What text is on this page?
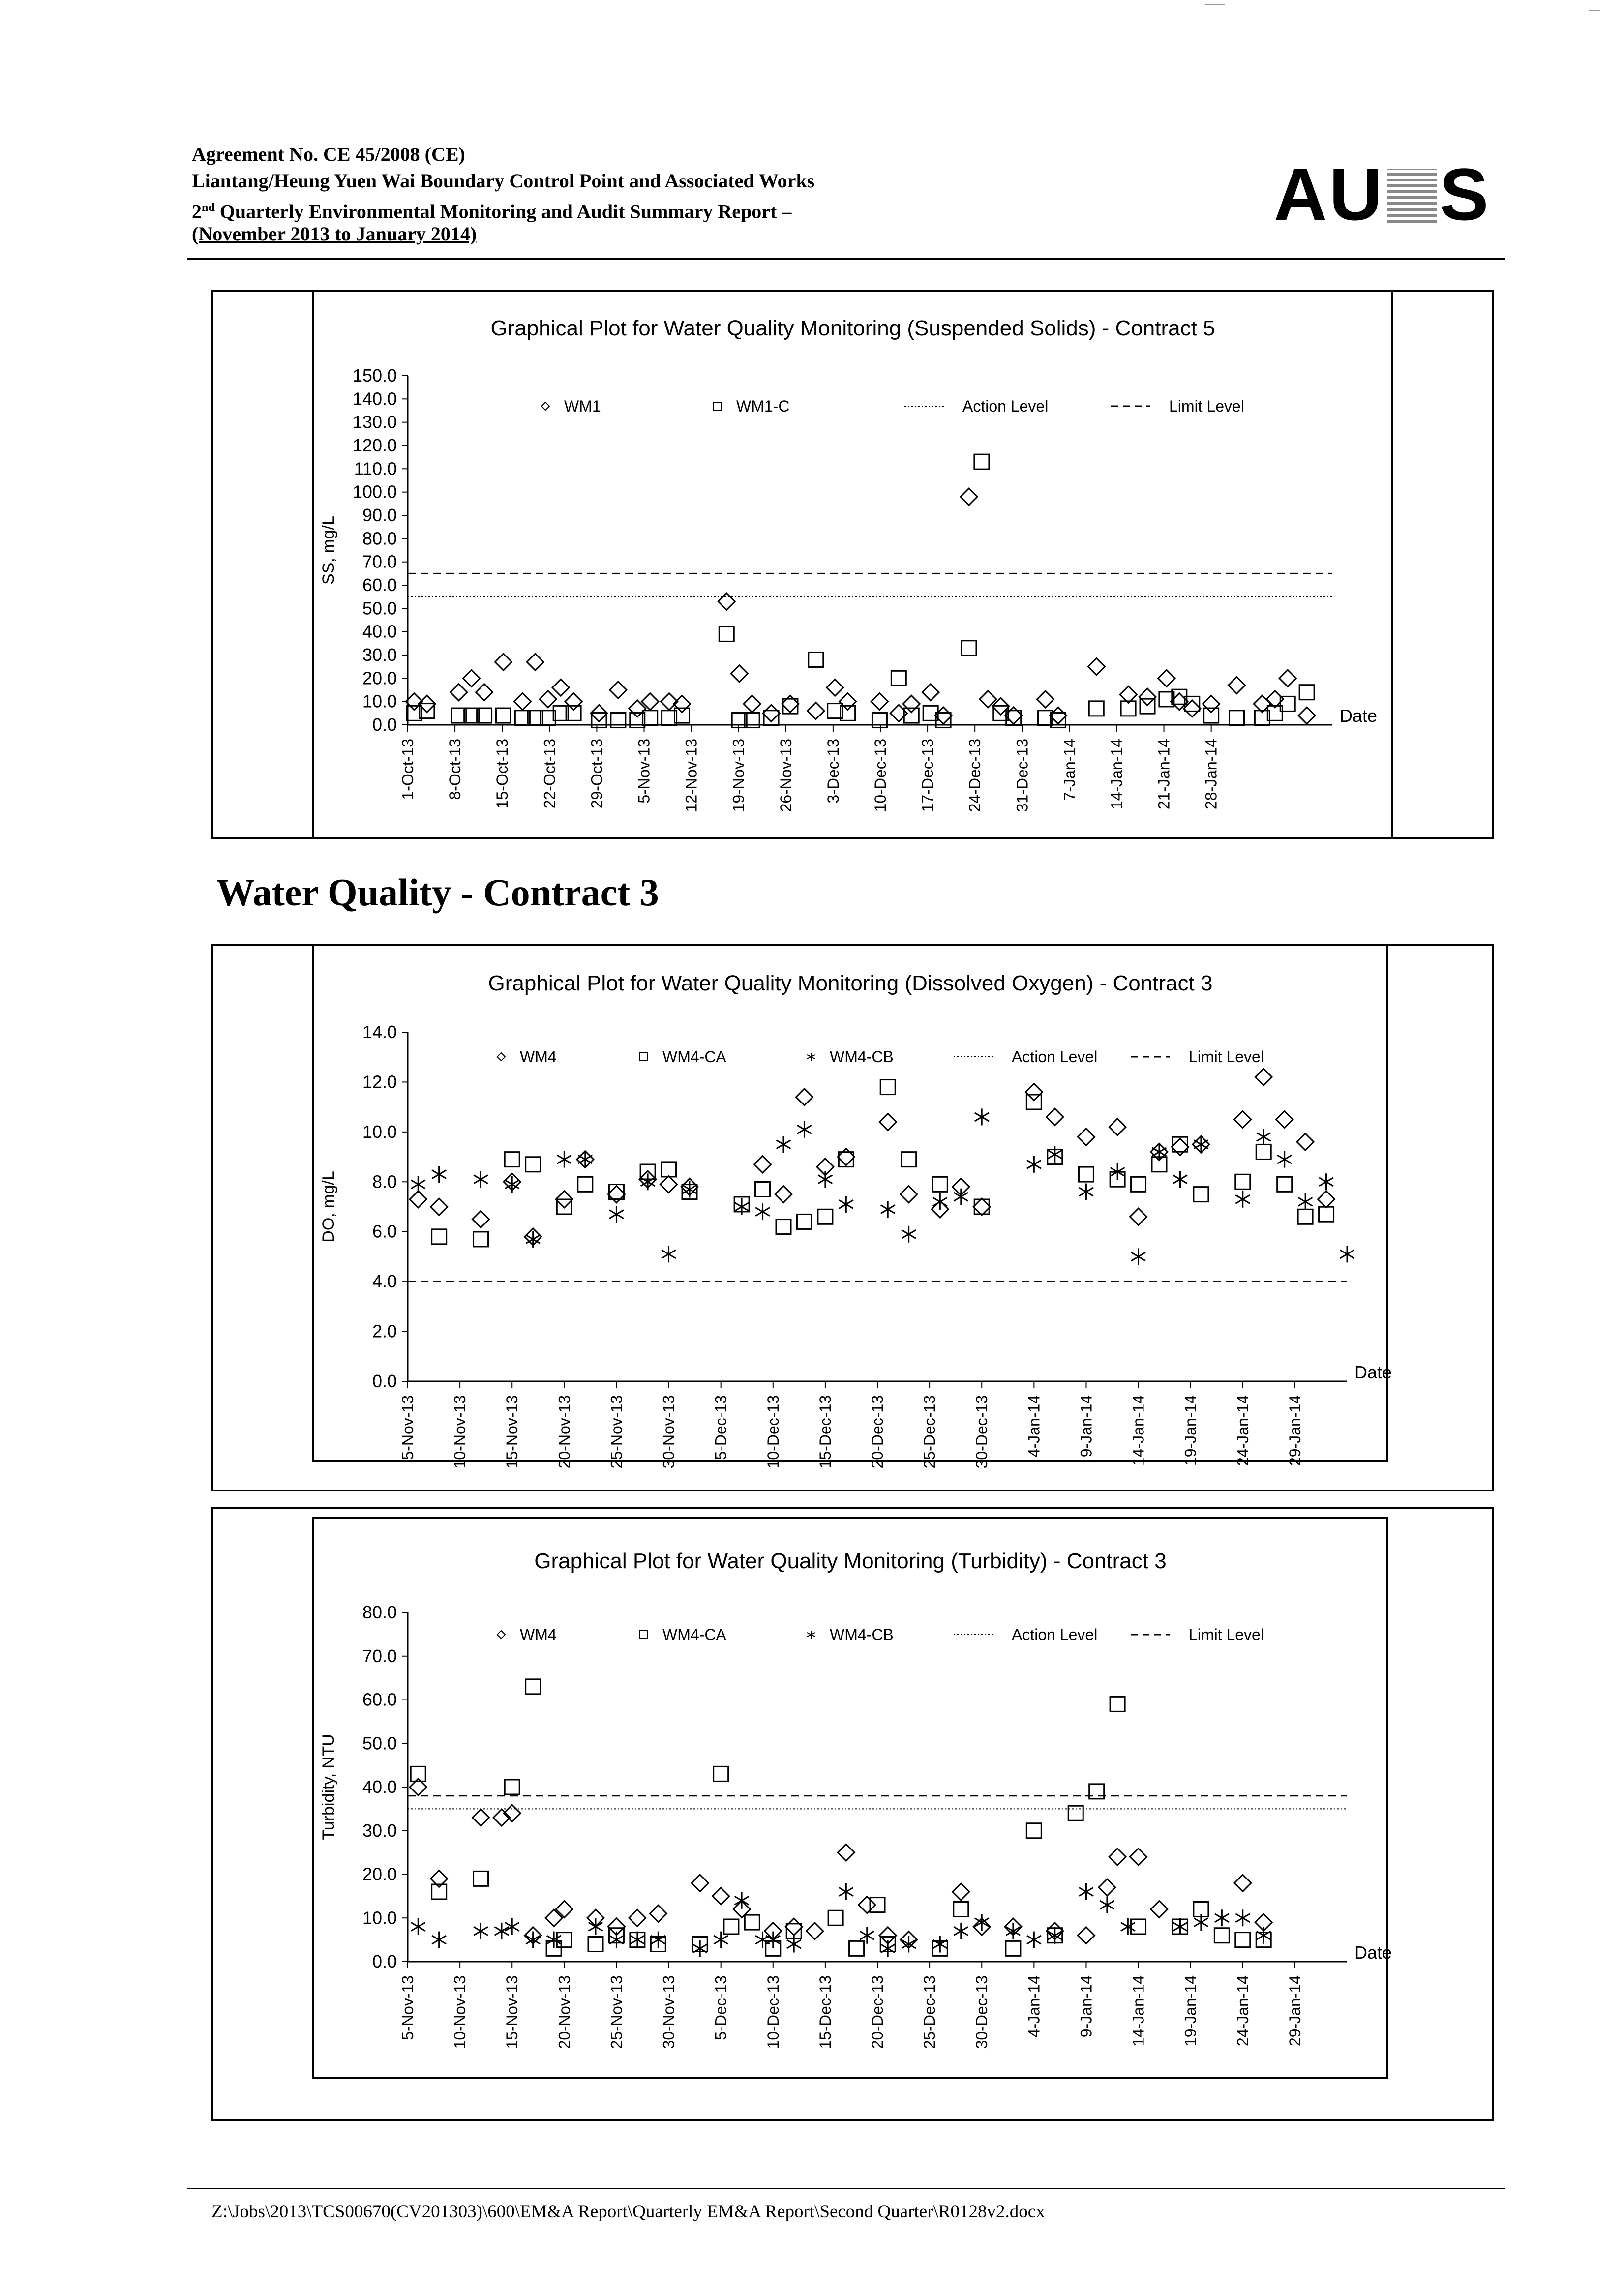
Agreement No. CE 45/2008 (CE)
Liantang/Heung Yuen Wai Boundary Control Point and Associated Works
2nd Quarterly Environmental Monitoring and Audit Summary Report –
(November 2013 to January 2014)	AU S
Graphical Plot for Water Quality Monitoring (Suspended Solids) - Contract 5
0.0
10.0
20.0
30.0
40.0
50.0
60.0
70.0
80.0
90.0
100.0
110.0
120.0
130.0
140.0
150.0
SS, mg/L
Date
1-Oct-13 8-Oct-13 15-Oct-13 22-Oct-13 29-Oct-13 5-Nov-13 12-Nov-13 19-Nov-13 26-Nov-13 3-Dec-13 10-Dec-13 17-Dec-13 24-Dec-13 31-Dec-13 7-Jan-14 14-Jan-14 21-Jan-14 28-Jan-14
WM1	WM1-C	Action Level	Limit Level
Water Quality - Contract 3
Graphical Plot for Water Quality Monitoring (Dissolved Oxygen) - Contract 3
0.0
2.0
4.0
6.0
8.0
10.0
12.0
14.0
DO, mg/L
Date
5-Nov-13 10-Nov-13 15-Nov-13 20-Nov-13 25-Nov-13 30-Nov-13 5-Dec-13 10-Dec-13 15-Dec-13 20-Dec-13 25-Dec-13 30-Dec-13 4-Jan-14 9-Jan-14 14-Jan-14 19-Jan-14 24-Jan-14 29-Jan-14
WM4	WM4-CA	WM4-CB	Action Level	Limit Level
Graphical Plot for Water Quality Monitoring (Turbidity) - Contract 3
0.0
10.0
20.0
30.0
40.0
50.0
60.0
70.0
80.0
Turbidity, NTU
Date
5-Nov-13 10-Nov-13 15-Nov-13 20-Nov-13 25-Nov-13 30-Nov-13 5-Dec-13 10-Dec-13 15-Dec-13 20-Dec-13 25-Dec-13 30-Dec-13 4-Jan-14 9-Jan-14 14-Jan-14 19-Jan-14 24-Jan-14 29-Jan-14
WM4	WM4-CA	WM4-CB	Action Level	Limit Level
Z:\Jobs\2013\TCS00670(CV201303)\600\EM&A Report\Quarterly EM&A Report\Second Quarter\R0128v2.docx
